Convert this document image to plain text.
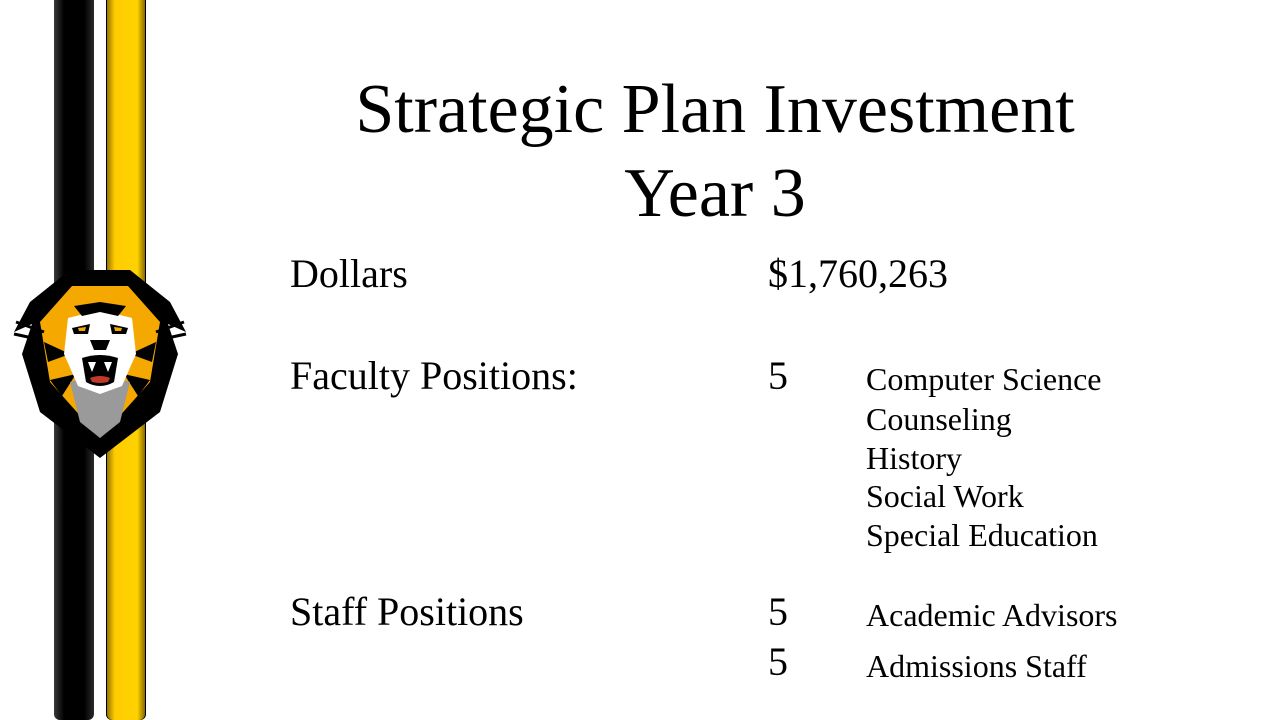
Strategic Plan Investment
Year 3
Dollars	$1,760,263
Faculty Positions:	5 Computer Science
Counseling
History
Social Work
Special Education
Staff Positions	5 Academic Advisors
5 Admissions Staff
